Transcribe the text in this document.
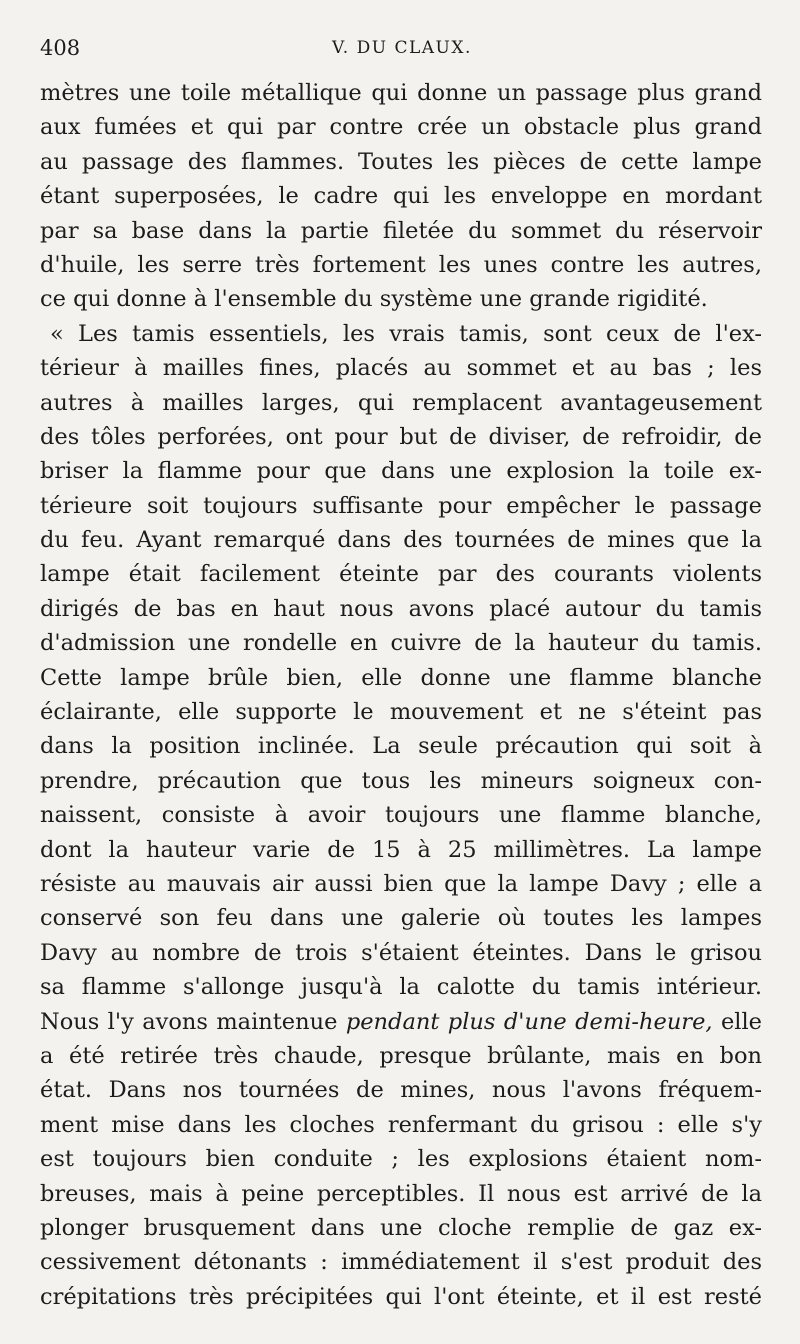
408	V. DU CLAUX.
mètres une toile métallique qui donne un passage plus grand
aux fumées et qui par contre crée un obstacle plus grand
au passage des flammes. Toutes les pièces de cette lampe
étant superposées, le cadre qui les enveloppe en mordant
par sa base dans la partie filetée du sommet du réservoir
d'huile, les serre très fortement les unes contre les autres,
ce qui donne à l'ensemble du système une grande rigidité.
« Les tamis essentiels, les vrais tamis, sont ceux de l'ex-
térieur à mailles fines, placés au sommet et au bas ; les
autres à mailles larges, qui remplacent avantageusement
des tôles perforées, ont pour but de diviser, de refroidir, de
briser la flamme pour que dans une explosion la toile ex-
térieure soit toujours suffisante pour empêcher le passage
du feu. Ayant remarqué dans des tournées de mines que la
lampe était facilement éteinte par des courants violents
dirigés de bas en haut nous avons placé autour du tamis
d'admission une rondelle en cuivre de la hauteur du tamis.
Cette lampe brûle bien, elle donne une flamme blanche
éclairante, elle supporte le mouvement et ne s'éteint pas
dans la position inclinée. La seule précaution qui soit à
prendre, précaution que tous les mineurs soigneux con-
naissent, consiste à avoir toujours une flamme blanche,
dont la hauteur varie de 15 à 25 millimètres. La lampe
résiste au mauvais air aussi bien que la lampe Davy ; elle a
conservé son feu dans une galerie où toutes les lampes
Davy au nombre de trois s'étaient éteintes. Dans le grisou
sa flamme s'allonge jusqu'à la calotte du tamis intérieur.
Nous l'y avons maintenue pendant plus d'une demi-heure, elle
a été retirée très chaude, presque brûlante, mais en bon
état. Dans nos tournées de mines, nous l'avons fréquem-
ment mise dans les cloches renfermant du grisou : elle s'y
est toujours bien conduite ; les explosions étaient nom-
breuses, mais à peine perceptibles. Il nous est arrivé de la
plonger brusquement dans une cloche remplie de gaz ex-
cessivement détonants : immédiatement il s'est produit des
crépitations très précipitées qui l'ont éteinte, et il est resté
